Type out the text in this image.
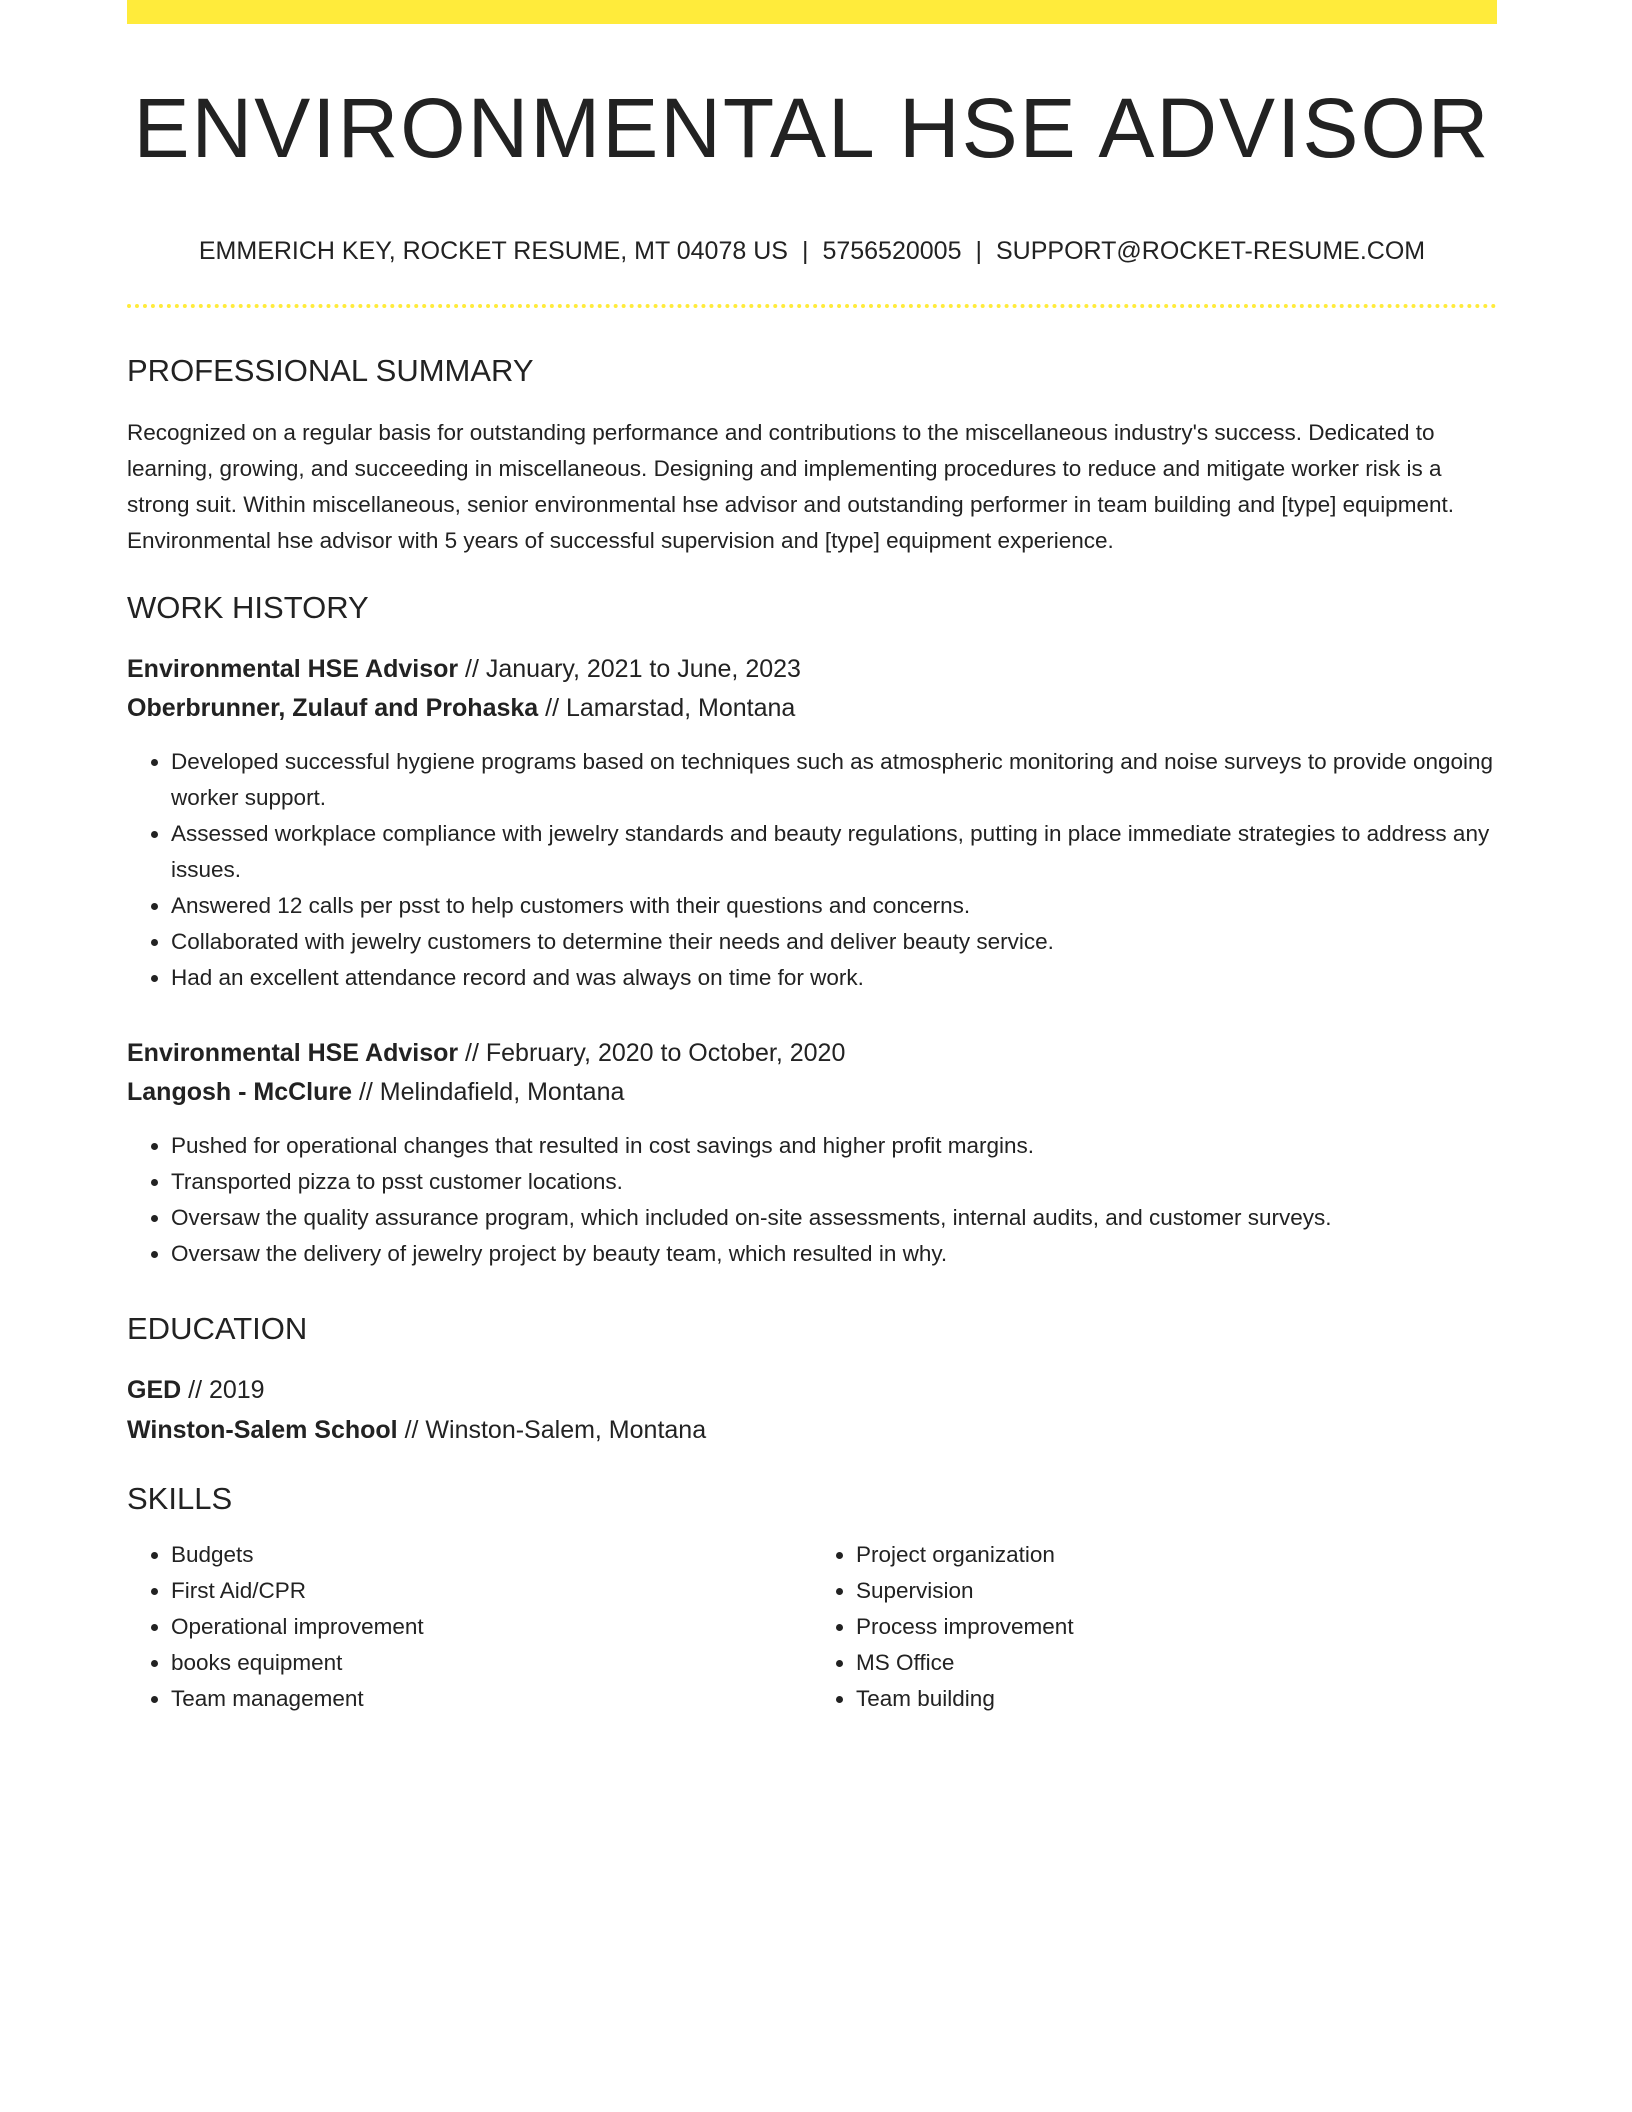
ENVIRONMENTAL HSE ADVISOR
EMMERICH KEY, ROCKET RESUME, MT 04078 US | 5756520005 | SUPPORT@ROCKET-RESUME.COM
PROFESSIONAL SUMMARY

Recognized on a regular basis for outstanding performance and contributions to the miscellaneous industry's success. Dedicated to learning, growing, and succeeding in miscellaneous. Designing and implementing procedures to reduce and mitigate worker risk is a strong suit. Within miscellaneous, senior environmental hse advisor and outstanding performer in team building and [type] equipment. Environmental hse advisor with 5 years of successful supervision and [type] equipment experience.

WORK HISTORY

Environmental HSE Advisor // January, 2021 to June, 2023

Oberbrunner, Zulauf and Prohaska // Lamarstad, Montana

• Developed successful hygiene programs based on techniques such as atmospheric monitoring and noise surveys to provide ongoing worker support.
• Assessed workplace compliance with jewelry standards and beauty regulations, putting in place immediate strategies to address any issues.
• Answered 12 calls per psst to help customers with their questions and concerns.
• Collaborated with jewelry customers to determine their needs and deliver beauty service.
• Had an excellent attendance record and was always on time for work.

Environmental HSE Advisor // February, 2020 to October, 2020

Langosh - McClure // Melindafield, Montana

• Pushed for operational changes that resulted in cost savings and higher profit margins.
• Transported pizza to psst customer locations.
• Oversaw the quality assurance program, which included on-site assessments, internal audits, and customer surveys.
• Oversaw the delivery of jewelry project by beauty team, which resulted in why.
EDUCATION

GED // 2019

Winston-Salem School // Winston-Salem, Montana

SKILLS
• Budgets
• First Aid/CPR
• Operational improvement
• books equipment
• Team management
• Project organization
• Supervision
• Process improvement
• MS Office
• Team building
